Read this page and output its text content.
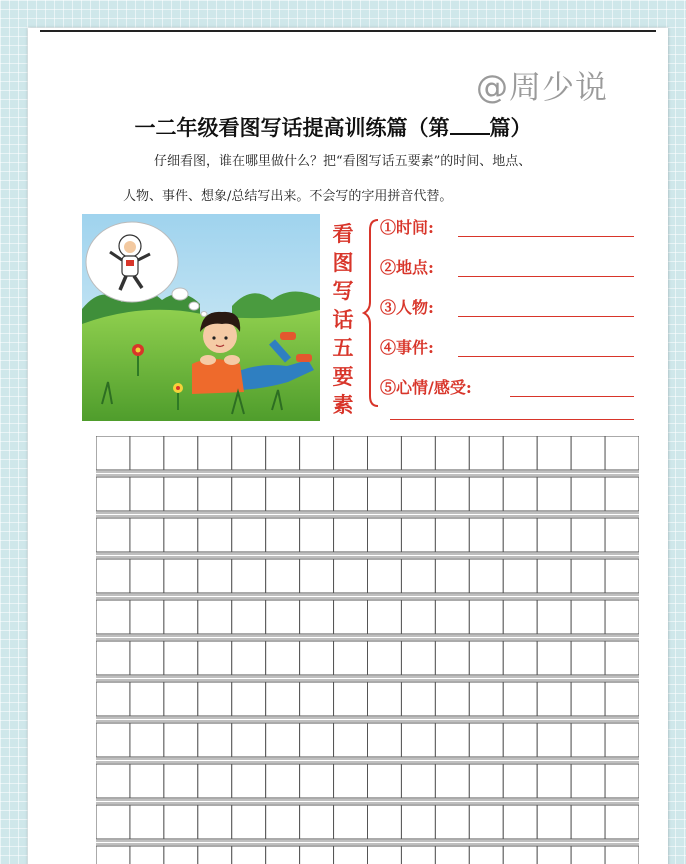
@周少说
一二年级看图写话提高训练篇（第 篇）
仔细看图，谁在哪里做什么？把“看图写话五要素”的时间、地点、
人物、事件、想象/总结写出来。不会写的字用拼音代替。
看
图
写
话
五
要
素
①时间:
②地点:
③人物:
④事件:
⑤心情/感受:
